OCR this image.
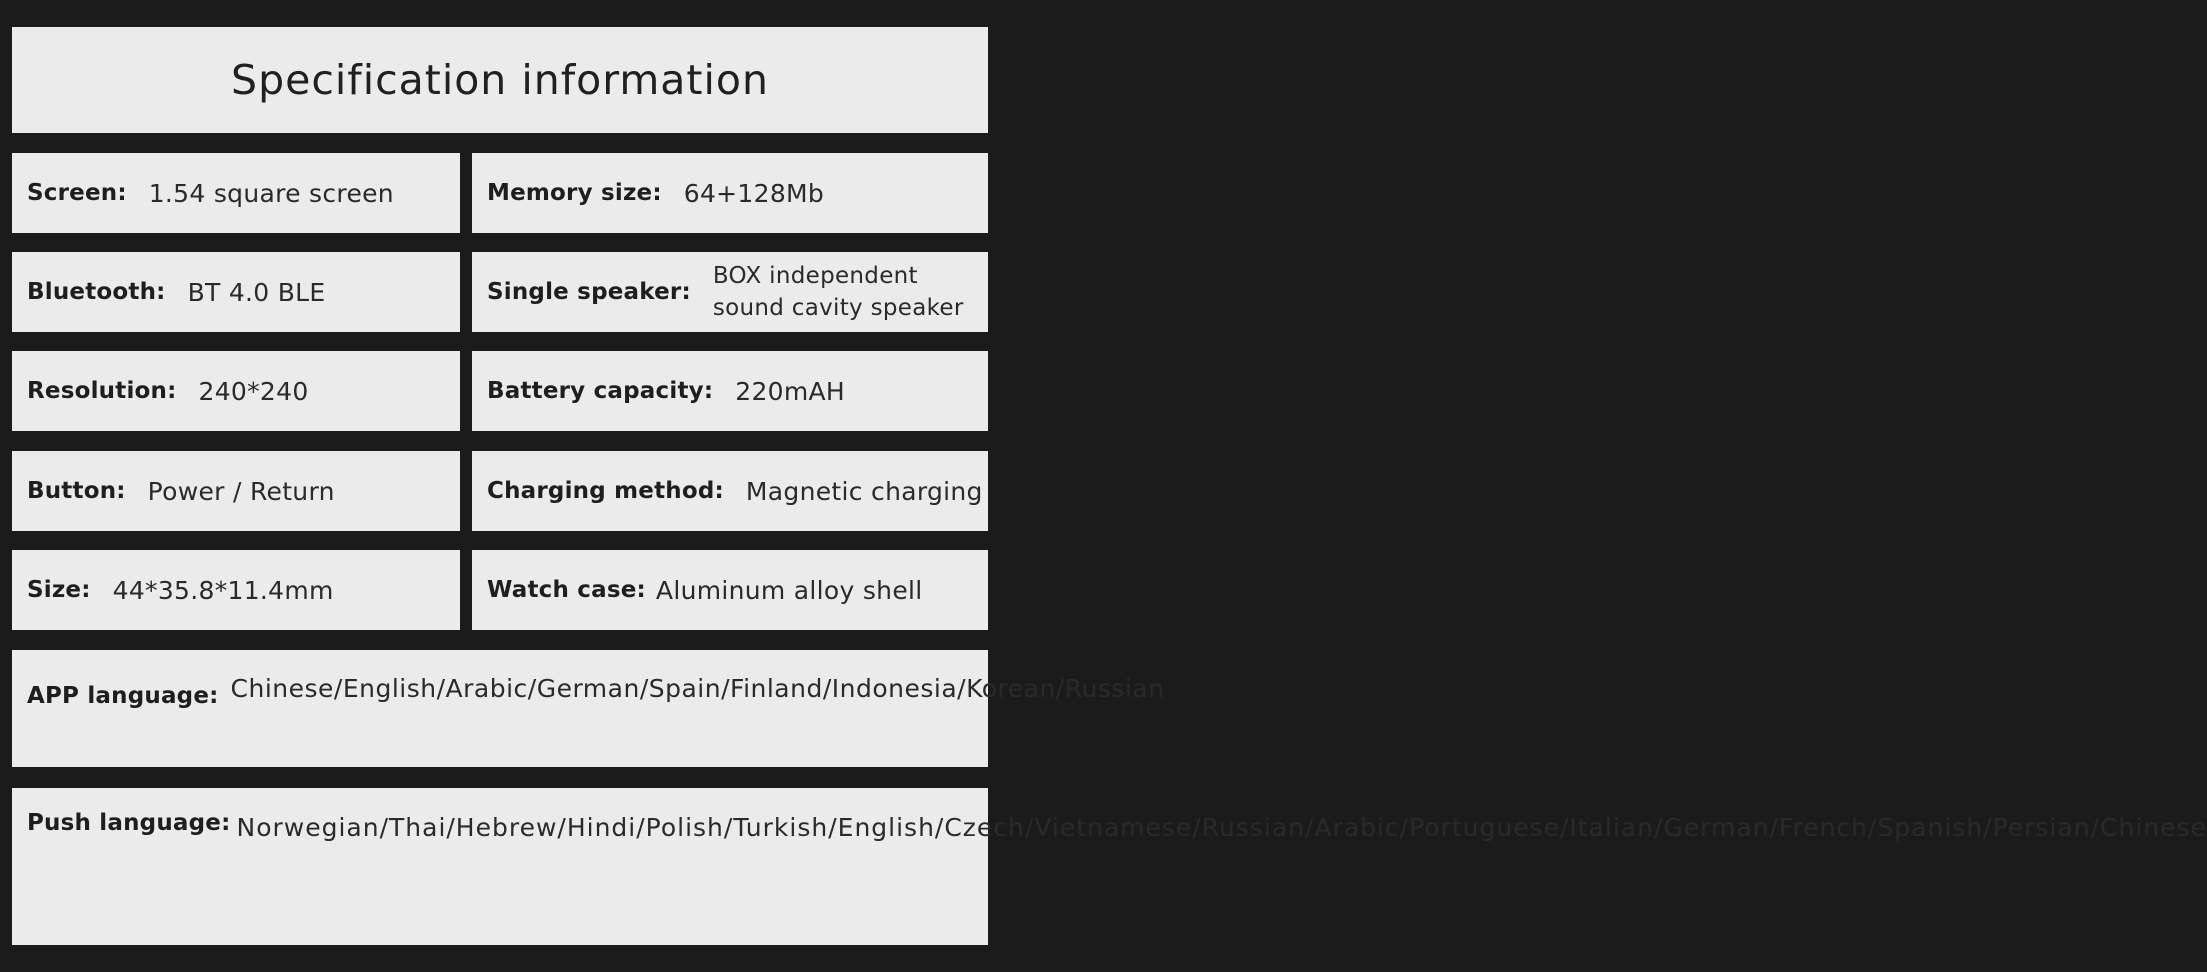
Specification information
Screen: 1.54 square screen	Memory size: 64+128Mb
Bluetooth: BT 4.0 BLE	Single speaker:
BOX independent sound cavity speaker
Resolution: 240*240	Battery capacity: 220mAH
Button: Power / Return	Charging method: Magnetic charging
Size: 44*35.8*11.4mm	Watch case: Aluminum alloy shell
APP language: Chinese/English/Arabic/German/Spain/Finland/Indonesia/Korean/Russian
Push language: Norwegian/Thai/Hebrew/Hindi/Polish/Turkish/English/Czech/Vietnamese/Russian/Arabic/Portuguese/Italian/German/French/Spanish/Persian/Chinese
